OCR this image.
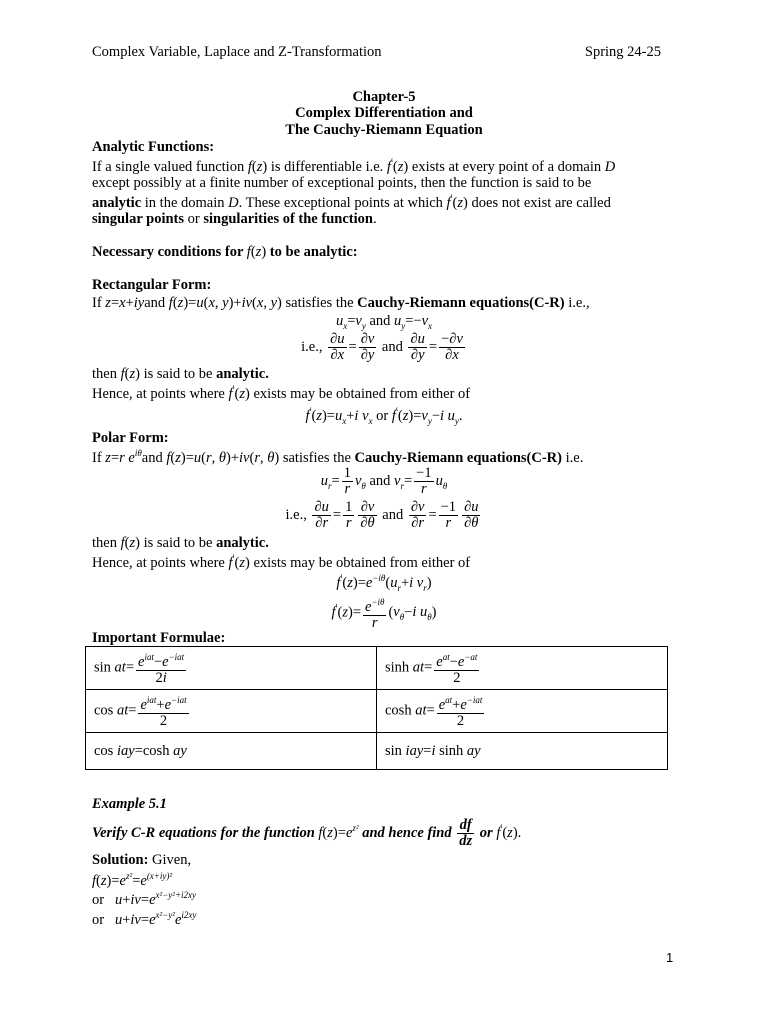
Complex Variable, Laplace and Z-Transformation	Spring 24-25
Chapter-5
Complex Differentiation and
The Cauchy-Riemann Equation
Analytic Functions:
If a single valued function f(z) is differentiable i.e. f′(z) exists at every point of a domain D
except possibly at a finite number of exceptional points, then the function is said to be
analytic in the domain D. These exceptional points at which f′(z) does not exist are called
singular points or singularities of the function.
Necessary conditions for f(z) to be analytic:
Rectangular Form:
If z=x+iyand f(z)=u(x, y)+iv(x, y) satisfies the Cauchy-Riemann equations(C-R) i.e.,
$u_x=v_y$ and $u_y=-v_x$
i.e., $\frac{\partial u}{\partial x} = \frac{\partial v}{\partial y}$ and $\frac{\partial u}{\partial y} = \frac{-\partial v}{\partial x}$
then f(z) is said to be analytic.
Hence, at points where f′(z) exists may be obtained from either of
$f'(z)=u_x+i$ $v_x$ or $f'(z)=v_y-i$ $u_y$.
Polar Form:
If z=r $e^{i\theta}and$ f(z)=u(r, θ)+iv(r, θ) satisfies the Cauchy-Riemann equations(C-R) i.e.
$u_r= \frac{1}{r} v_\theta$ and $v_r= \frac{-1}{r} u_\theta$
i.e., $\frac{\partial u}{\partial r} = \frac{1}{r} \frac{\partial v}{\partial\theta}$ and $\frac{\partial v}{\partial r} = \frac{-1}{r} \frac{\partial u}{\partial\theta}$
then f(z) is said to be analytic.
Hence, at points where f′(z) exists may be obtained from either of
$f'(z)=e^{-i\theta}(u_r+i$ $v_r$)
$f'(z)= \frac{e^{-i\theta}}{r} (v_\theta-i$ $u_\theta$)
Important Formulae:
$\sin at= \frac{e^{iat}-e^{-iat}}{2i}$	$\sinh at= \frac{e^{at}-e^{-at}}{2}$

$\cos at= \frac{e^{iat}+e^{-iat}}{2}$	$\cosh at= \frac{e^{at}+e^{-iat}}{2}$

cos iay=cosh ay	sin iay=i sinh ay
Example 5.1
Verify C-R equations for the function $f(z)=e^{z^2}$ and hence find $\frac{df}{dz}$ or f′(z).
Solution: Given,
$f(z)=e^{z^2}=e^{(x+iy)^2}$
or $u+iv=e^{x^2-y^2+i2xy}$
or $u+iv=e^{x^2-y^2}e^{i2xy}$
1
